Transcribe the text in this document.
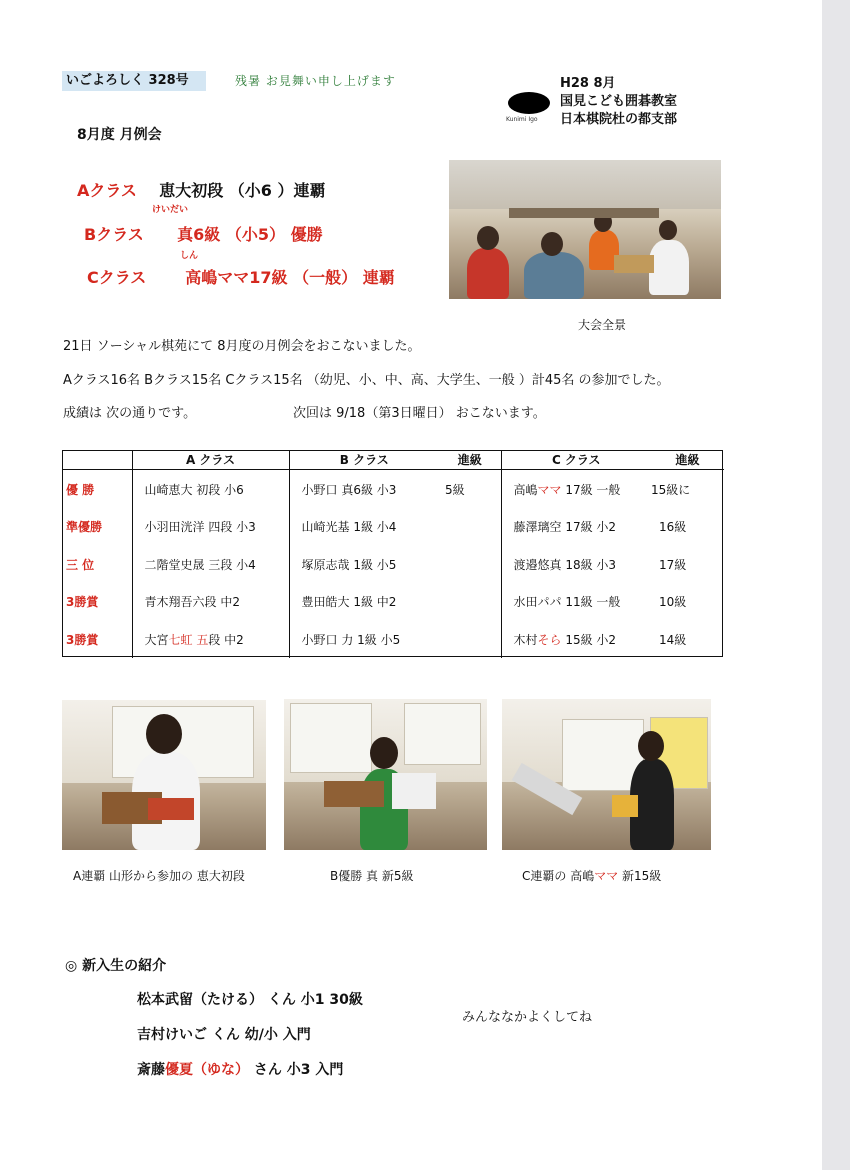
いごよろしく 328号	残暑 お見舞い申し上げます
Kunimi Igo
H28 8月
国見こども囲碁教室
日本棋院杜の都支部
8月度 月例会
Aクラス 恵大初段 （小6 ）連覇
けいだい
Bクラス 真6級 （小5） 優勝
しん
Cクラス 高嶋ママ17級 （一般） 連覇
大会全景
21日 ソーシャル棋苑にて 8月度の月例会をおこないました。
Aクラス16名 Bクラス15名 Cクラス15名 （幼児、小、中、高、大学生、一般 ）計45名 の参加でした。
成績は 次の通りです。	次回は 9/18（第3日曜日） おこないます。
	A クラス	B クラス	進級	C クラス	進級
優 勝	山崎恵大 初段 小6	小野口 真6級 小3	5級	高嶋ママ 17級 一般	15級に
準優勝	小羽田洸洋 四段 小3	山崎光基 1級 小4		藤澤璃空 17級 小2	16級
三 位	二階堂史晟 三段 小4	塚原志哉 1級 小5		渡邉悠真 18級 小3	17級
3勝賞	青木翔吾六段 中2	豊田皓大 1級 中2		水田パパ 11級 一般	10級
3勝賞	大宮七虹 五段 中2	小野口 力 1級 小5		木村そら 15級 小2	14級
A連覇 山形から参加の 恵大初段	B優勝 真 新5級	C連覇の 高嶋ママ 新15級
◎ 新入生の紹介
松本武留（たける） くん 小1 30級
吉村けいご くん 幼/小 入門
斎藤優夏（ゆな） さん 小3 入門
みんななかよくしてね
